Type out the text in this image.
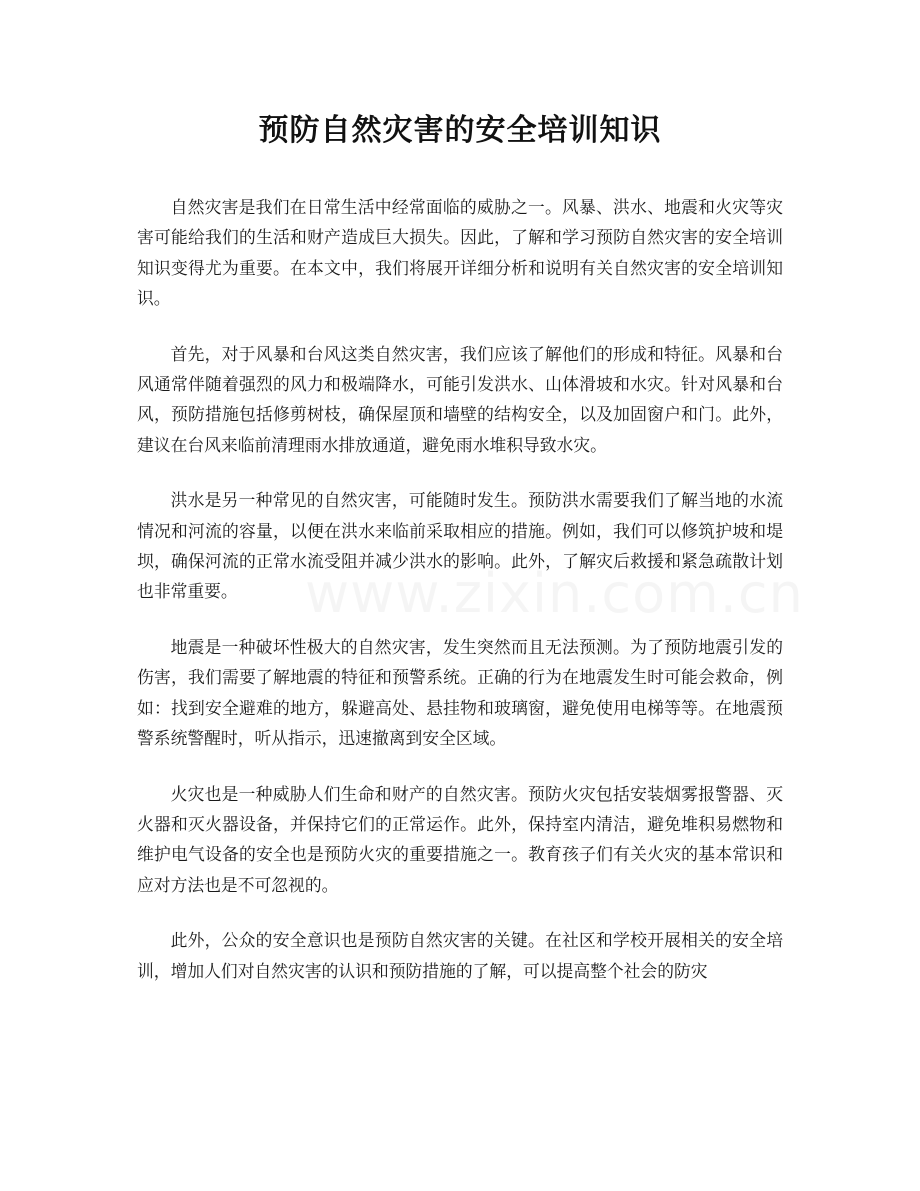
预防自然灾害的安全培训知识

自然灾害是我们在日常生活中经常面临的威胁之一。风暴、洪水、地震和火灾等灾害可能给我们的生活和财产造成巨大损失。因此，了解和学习预防自然灾害的安全培训知识变得尤为重要。在本文中，我们将展开详细分析和说明有关自然灾害的安全培训知识。

首先，对于风暴和台风这类自然灾害，我们应该了解他们的形成和特征。风暴和台风通常伴随着强烈的风力和极端降水，可能引发洪水、山体滑坡和水灾。针对风暴和台风，预防措施包括修剪树枝，确保屋顶和墙壁的结构安全，以及加固窗户和门。此外，建议在台风来临前清理雨水排放通道，避免雨水堆积导致水灾。

洪水是另一种常见的自然灾害，可能随时发生。预防洪水需要我们了解当地的水流情况和河流的容量，以便在洪水来临前采取相应的措施。例如，我们可以修筑护坡和堤坝，确保河流的正常水流受阻并减少洪水的影响。此外，了解灾后救援和紧急疏散计划也非常重要。

地震是一种破坏性极大的自然灾害，发生突然而且无法预测。为了预防地震引发的伤害，我们需要了解地震的特征和预警系统。正确的行为在地震发生时可能会救命，例如：找到安全避难的地方，躲避高处、悬挂物和玻璃窗，避免使用电梯等等。在地震预警系统警醒时，听从指示，迅速撤离到安全区域。

火灾也是一种威胁人们生命和财产的自然灾害。预防火灾包括安装烟雾报警器、灭火器和灭火器设备，并保持它们的正常运作。此外，保持室内清洁，避免堆积易燃物和维护电气设备的安全也是预防火灾的重要措施之一。教育孩子们有关火灾的基本常识和应对方法也是不可忽视的。

此外，公众的安全意识也是预防自然灾害的关键。在社区和学校开展相关的安全培训，增加人们对自然灾害的认识和预防措施的了解，可以提高整个社会的防灾
